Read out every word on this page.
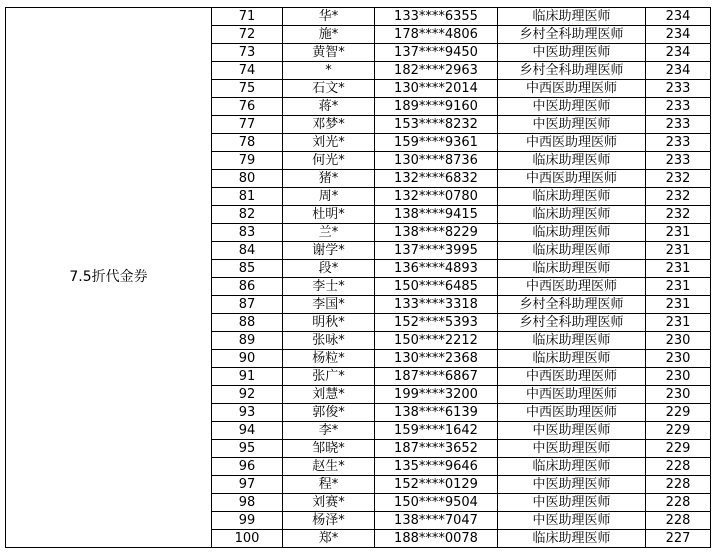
7.5折代金券	71	华*	133****6355	临床助理医师	234
	72	施*	178****4806	乡村全科助理医师	234
	73	黄智*	137****9450	中医助理医师	234
	74	*	182****2963	乡村全科助理医师	234
	75	石文*	130****2014	中西医助理医师	233
	76	蒋*	189****9160	中医助理医师	233
	77	邓梦*	153****8232	中医助理医师	233
	78	刘光*	159****9361	中西医助理医师	233
	79	何光*	130****8736	临床助理医师	233
	80	猪*	132****6832	中西医助理医师	232
	81	周*	132****0780	临床助理医师	232
	82	杜明*	138****9415	临床助理医师	232
	83	兰*	138****8229	临床助理医师	231
	84	谢学*	137****3995	临床助理医师	231
	85	段*	136****4893	临床助理医师	231
	86	李士*	150****6485	中西医助理医师	231
	87	李国*	133****3318	乡村全科助理医师	231
	88	明秋*	152****5393	乡村全科助理医师	231
	89	张咏*	150****2212	临床助理医师	230
	90	杨粒*	130****2368	临床助理医师	230
	91	张广*	187****6867	中西医助理医师	230
	92	刘慧*	199****3200	中西医助理医师	230
	93	郭俊*	138****6139	中西医助理医师	229
	94	李*	159****1642	中医助理医师	229
	95	邹晓*	187****3652	中医助理医师	229
	96	赵生*	135****9646	临床助理医师	228
	97	程*	152****0129	中医助理医师	228
	98	刘赛*	150****9504	中医助理医师	228
	99	杨泽*	138****7047	中医助理医师	228
	100	郑*	188****0078	临床助理医师	227
